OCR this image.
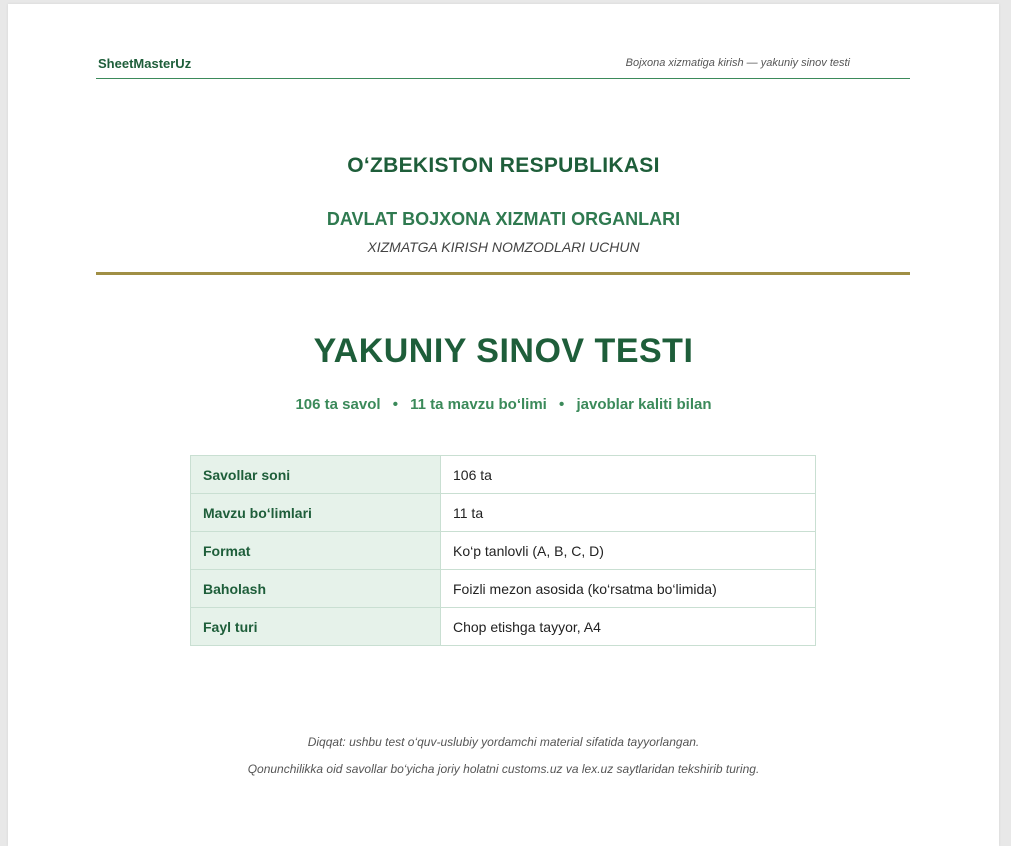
SheetMasterUz	Bojxona xizmatiga kirish — yakuniy sinov testi
O‘ZBEKISTON RESPUBLIKASI
DAVLAT BOJXONA XIZMATI ORGANLARI
XIZMATGA KIRISH NOMZODLARI UCHUN
YAKUNIY SINOV TESTI
106 ta savol • 11 ta mavzu bo‘limi • javoblar kaliti bilan
Savollar soni	106 ta
Mavzu bo‘limlari	11 ta
Format	Ko‘p tanlovli (A, B, C, D)
Baholash	Foizli mezon asosida (ko‘rsatma bo‘limida)
Fayl turi	Chop etishga tayyor, A4
Diqqat: ushbu test o‘quv-uslubiy yordamchi material sifatida tayyorlangan.
Qonunchilikka oid savollar bo‘yicha joriy holatni customs.uz va lex.uz saytlaridan tekshirib turing.
